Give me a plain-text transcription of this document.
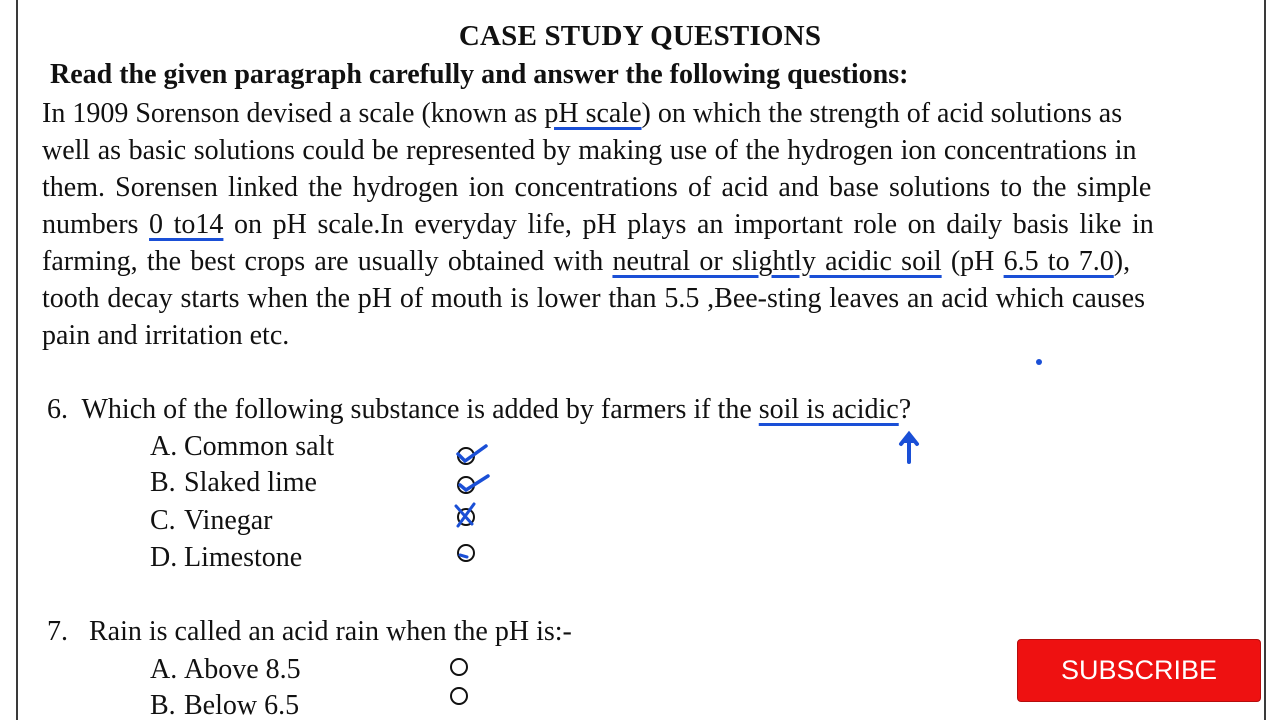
CASE STUDY QUESTIONS
Read the given paragraph carefully and answer the following questions:
In 1909 Sorenson devised a scale (known as pH scale) on which the strength of acid solutions as
well as basic solutions could be represented by making use of the hydrogen ion concentrations in
them. Sorensen linked the hydrogen ion concentrations of acid and base solutions to the simple
numbers 0 to14 on pH scale.In everyday life, pH plays an important role on daily basis like in
farming, the best crops are usually obtained with neutral or slightly acidic soil (pH 6.5 to 7.0),
tooth decay starts when the pH of mouth is lower than 5.5 ,Bee-sting leaves an acid which causes
pain and irritation etc.
6. Which of the following substance is added by farmers if the soil is acidic?
A. Common salt
B. Slaked lime
C. Vinegar
D. Limestone
7. Rain is called an acid rain when the pH is:-
A. Above 8.5
B. Below 6.5
SUBSCRIBE
